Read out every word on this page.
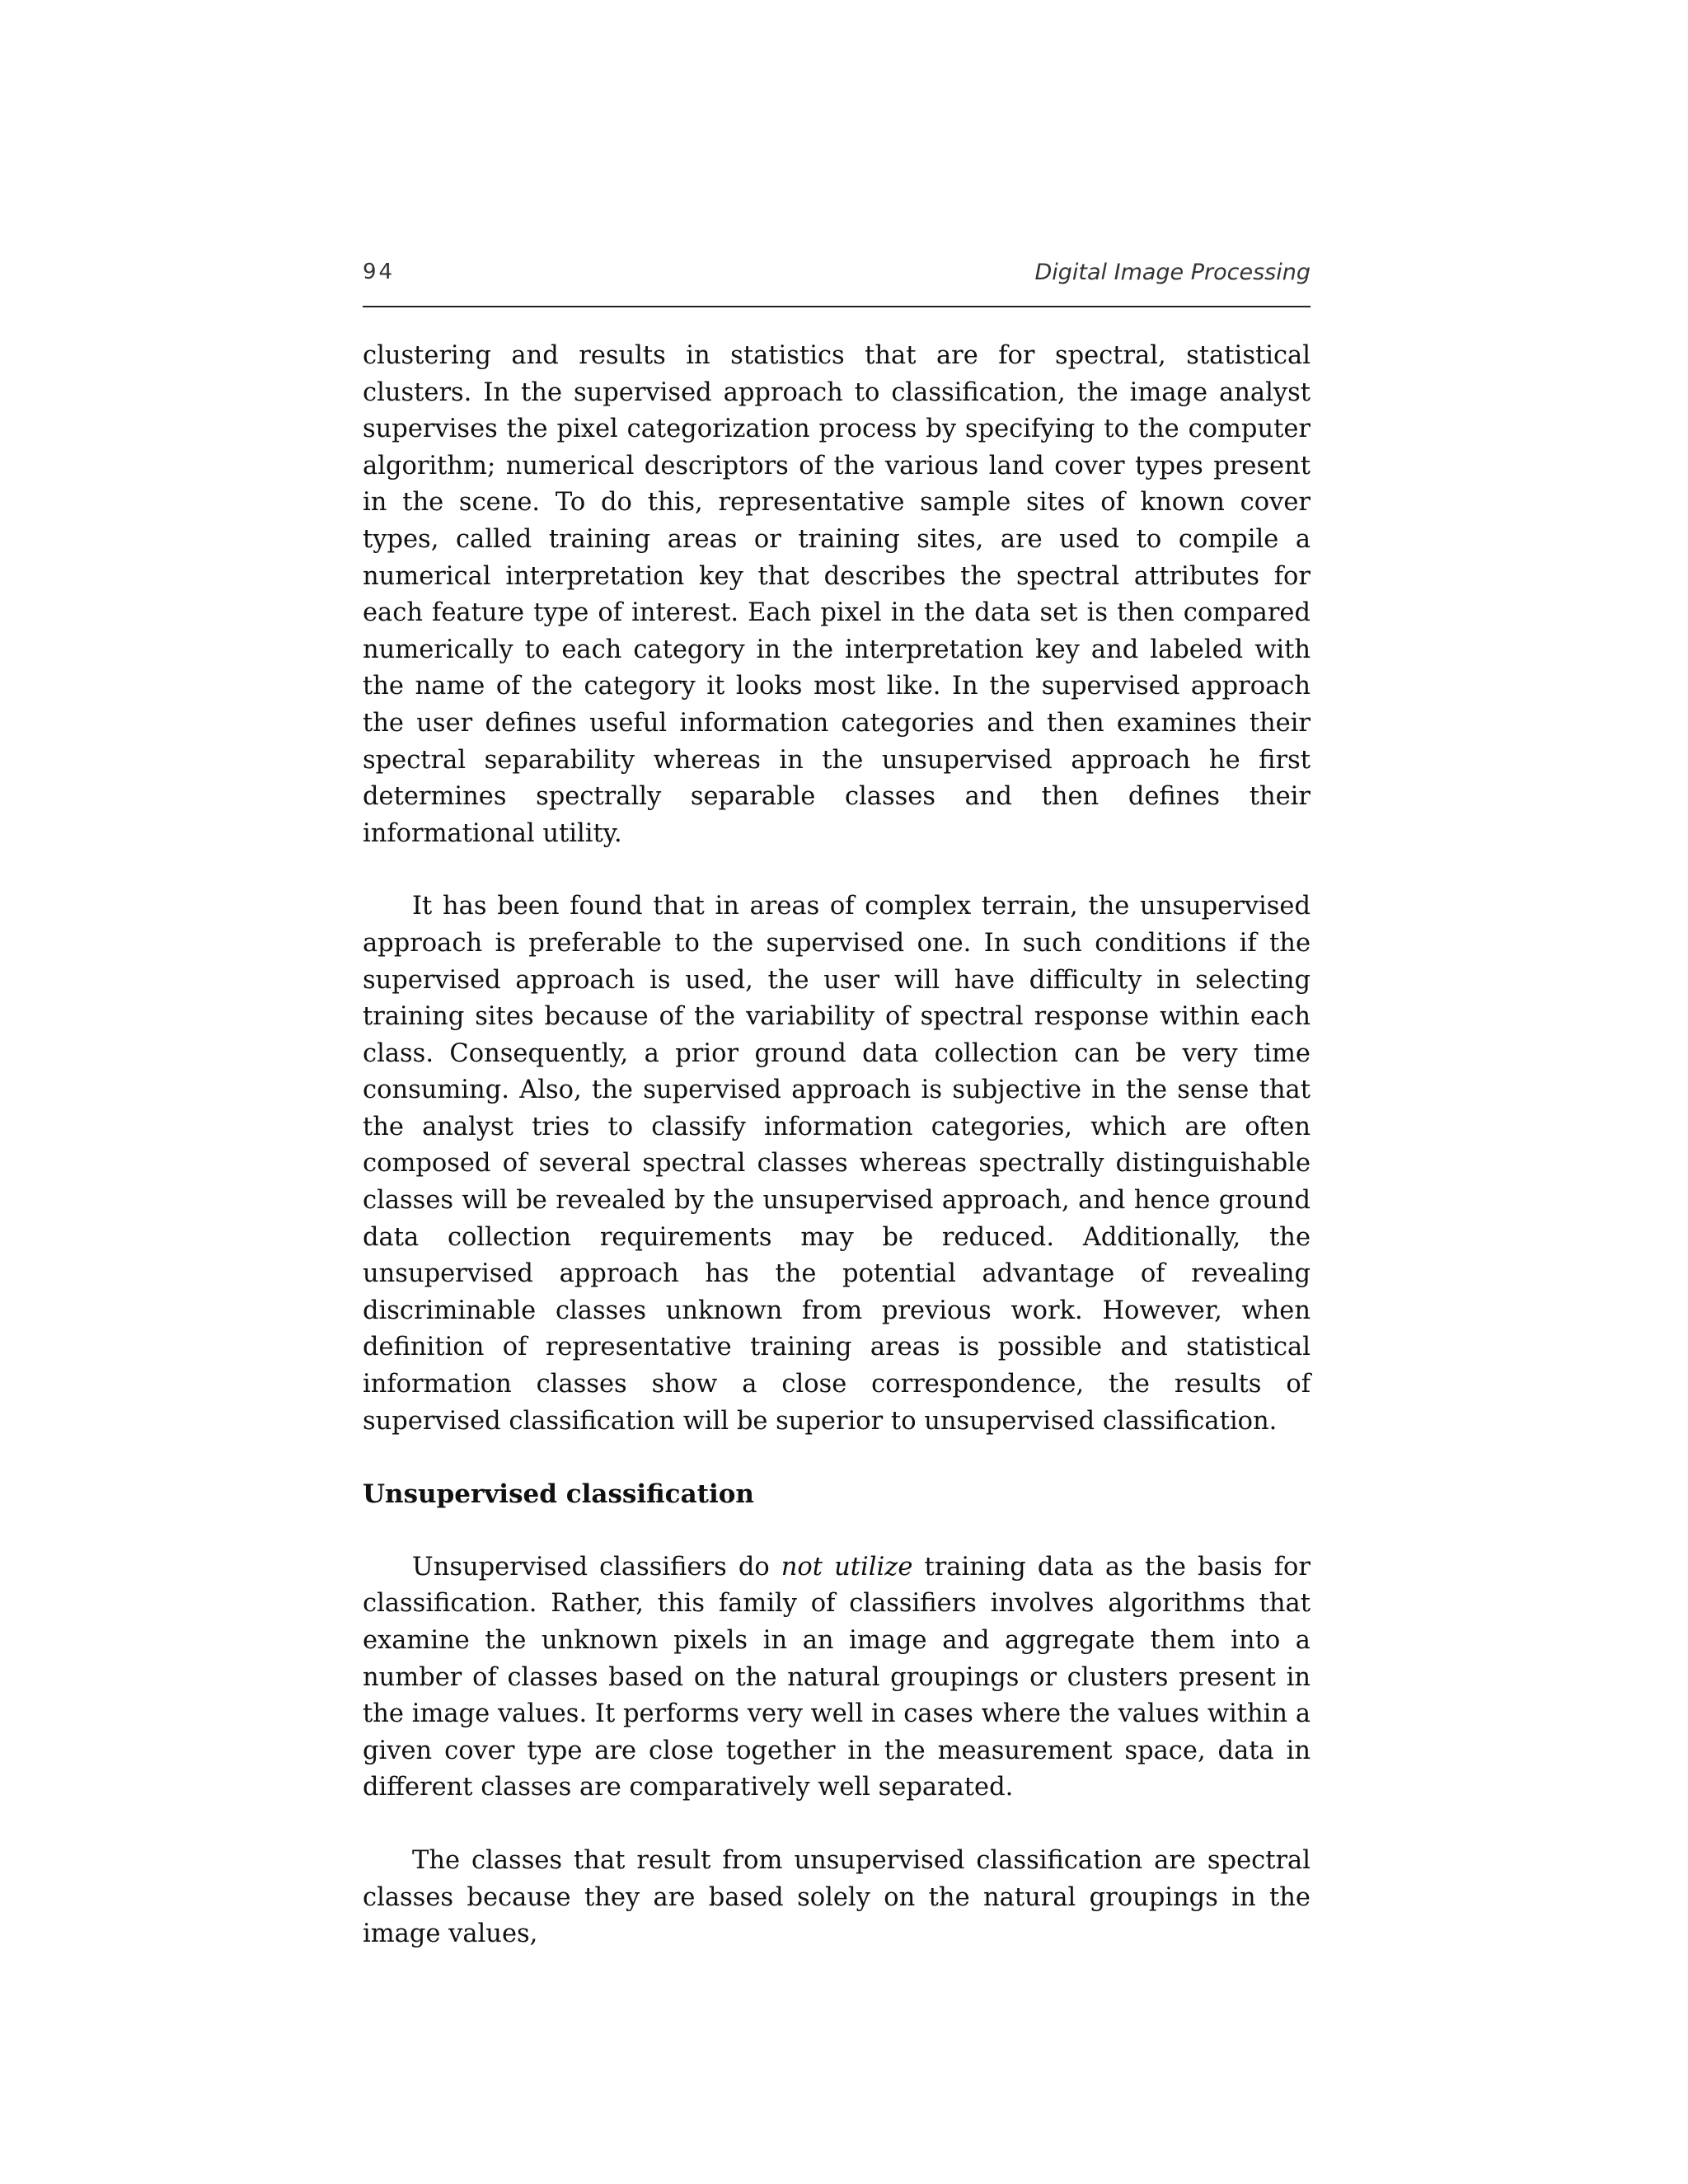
94	Digital Image Processing

clustering and results in statistics that are for spectral, statistical clusters. In the supervised approach to classification, the image analyst supervises the pixel categorization process by specifying to the computer algorithm; numerical descriptors of the various land cover types present in the scene. To do this, representative sample sites of known cover types, called training areas or training sites, are used to compile a numerical interpretation key that describes the spectral attributes for each feature type of interest. Each pixel in the data set is then compared numerically to each category in the interpretation key and labeled with the name of the category it looks most like. In the supervised approach the user defines useful information categories and then examines their spectral separability whereas in the unsupervised approach he first determines spectrally separable classes and then defines their informational utility.

It has been found that in areas of complex terrain, the unsupervised approach is preferable to the supervised one. In such conditions if the supervised approach is used, the user will have difficulty in selecting training sites because of the variability of spectral response within each class. Consequently, a prior ground data collection can be very time consuming. Also, the supervised approach is subjective in the sense that the analyst tries to classify information categories, which are often composed of several spectral classes whereas spectrally distinguishable classes will be revealed by the unsupervised approach, and hence ground data collection requirements may be reduced. Additionally, the unsupervised approach has the potential advantage of revealing discriminable classes unknown from previous work. However, when definition of representative training areas is possible and statistical information classes show a close correspondence, the results of supervised classification will be superior to unsupervised classification.

Unsupervised classification

Unsupervised classifiers do not utilize training data as the basis for classification. Rather, this family of classifiers involves algorithms that examine the unknown pixels in an image and aggregate them into a number of classes based on the natural groupings or clusters present in the image values. It performs very well in cases where the values within a given cover type are close together in the measurement space, data in different classes are comparatively well separated.

The classes that result from unsupervised classification are spectral classes because they are based solely on the natural groupings in the image values,
